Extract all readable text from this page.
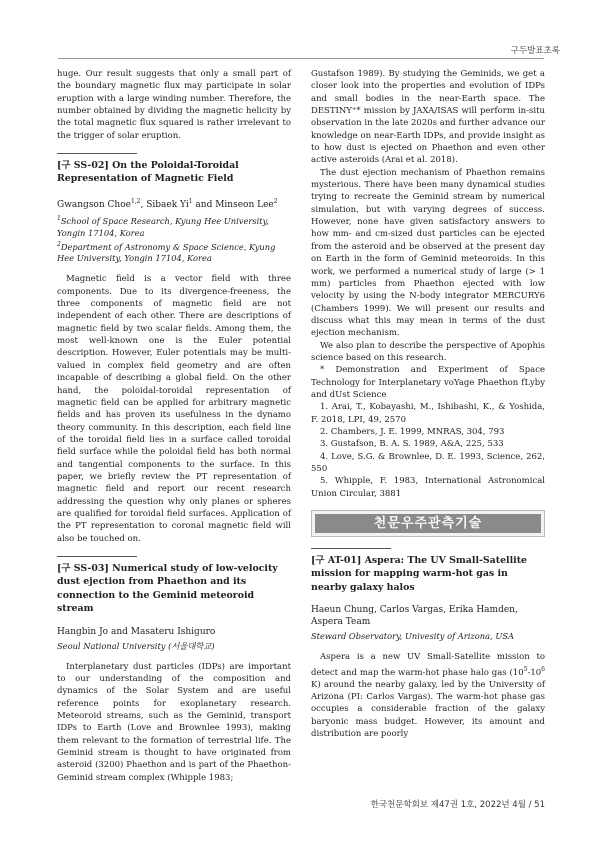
구두발표초록

huge. Our result suggests that only a small part of the boundary magnetic flux may participate in solar eruption with a large winding number. Therefore, the number obtained by dividing the magnetic helicity by the total magnetic flux squared is rather irrelevant to the trigger of solar eruption.

[구 SS-02] On the Poloidal-Toroidal Representation of Magnetic Field
Gwangson Choe$^{1,2}$, Sibaek Yi$^1$ and Minseon Lee$^2$
$^1$School of Space Research, Kyung Hee University, Yongin 17104, Korea
$^2$Department of Astronomy & Space Science, Kyung Hee University, Yongin 17104, Korea

Magnetic field is a vector field with three components. Due to its divergence-freeness, the three components of magnetic field are not independent of each other. There are descriptions of magnetic field by two scalar fields. Among them, the most well-known one is the Euler potential description. However, Euler potentials may be multi-valued in complex field geometry and are often incapable of describing a global field. On the other hand, the poloidal-toroidal representation of magnetic field can be applied for arbitrary magnetic fields and has proven its usefulness in the dynamo theory community. In this description, each field line of the toroidal field lies in a surface called toroidal field surface while the poloidal field has both normal and tangential components to the surface. In this paper, we briefly review the PT representation of magnetic field and report our recent research addressing the question why only planes or spheres are qualified for toroidal field surfaces. Application of the PT representation to coronal magnetic field will also be touched on.

[구 SS-03] Numerical study of low-velocity dust ejection from Phaethon and its connection to the Geminid meteoroid stream
Hangbin Jo and Masateru Ishiguro
Seoul National University (서울대학교)

Interplanetary dust particles (IDPs) are important to our understanding of the composition and dynamics of the Solar System and are useful reference points for exoplanetary research. Meteoroid streams, such as the Geminid, transport IDPs to Earth (Love and Brownlee 1993), making them relevant to the formation of terrestrial life. The Geminid stream is thought to have originated from asteroid (3200) Phaethon and is part of the Phaethon-Geminid stream complex (Whipple 1983;

Gustafson 1989). By studying the Geminids, we get a closer look into the properties and evolution of IDPs and small bodies in the near-Earth space. The DESTINY⁺* mission by JAXA/ISAS will perform in-situ observation in the late 2020s and further advance our knowledge on near-Earth IDPs, and provide insight as to how dust is ejected on Phaethon and even other active asteroids (Arai et al. 2018).

The dust ejection mechanism of Phaethon remains mysterious. There have been many dynamical studies trying to recreate the Geminid stream by numerical simulation, but with varying degrees of success. However, none have given satisfactory answers to how mm- and cm-sized dust particles can be ejected from the asteroid and be observed at the present day on Earth in the form of Geminid meteoroids. In this work, we performed a numerical study of large (> 1 mm) particles from Phaethon ejected with low velocity by using the N-body integrator MERCURY6 (Chambers 1999). We will present our results and discuss what this may mean in terms of the dust ejection mechanism.

We also plan to describe the perspective of Apophis science based on this research.

* Demonstration and Experiment of Space Technology for Interplanetary voYage Phaethon fLyby and dUst Science

1. Arai, T., Kobayashi, M., Ishibashi, K., & Yoshida, F. 2018, LPI, 49, 2570

2. Chambers, J. E. 1999, MNRAS, 304, 793

3. Gustafson, B. A. S. 1989, A&A, 225, 533

4. Love, S.G. & Brownlee, D. E. 1993, Science, 262, 550

5. Whipple, F. 1983, International Astronomical Union Circular, 3881

천문우주관측기술
[구 AT-01] Aspera: The UV Small-Satellite mission for mapping warm-hot gas in nearby galaxy halos
Haeun Chung, Carlos Vargas, Erika Hamden, Aspera Team
Steward Observatory, Univesity of Arizona, USA

Aspera is a new UV Small-Satellite mission to detect and map the warm-hot phase halo gas ($10^5-10^6$ K) around the nearby galaxy, led by the University of Arizona (PI: Carlos Vargas). The warm-hot phase gas occupies a considerable fraction of the galaxy baryonic mass budget. However, its amount and distribution are poorly

한국천문학회보 제47권 1호, 2022년 4월 / 51
